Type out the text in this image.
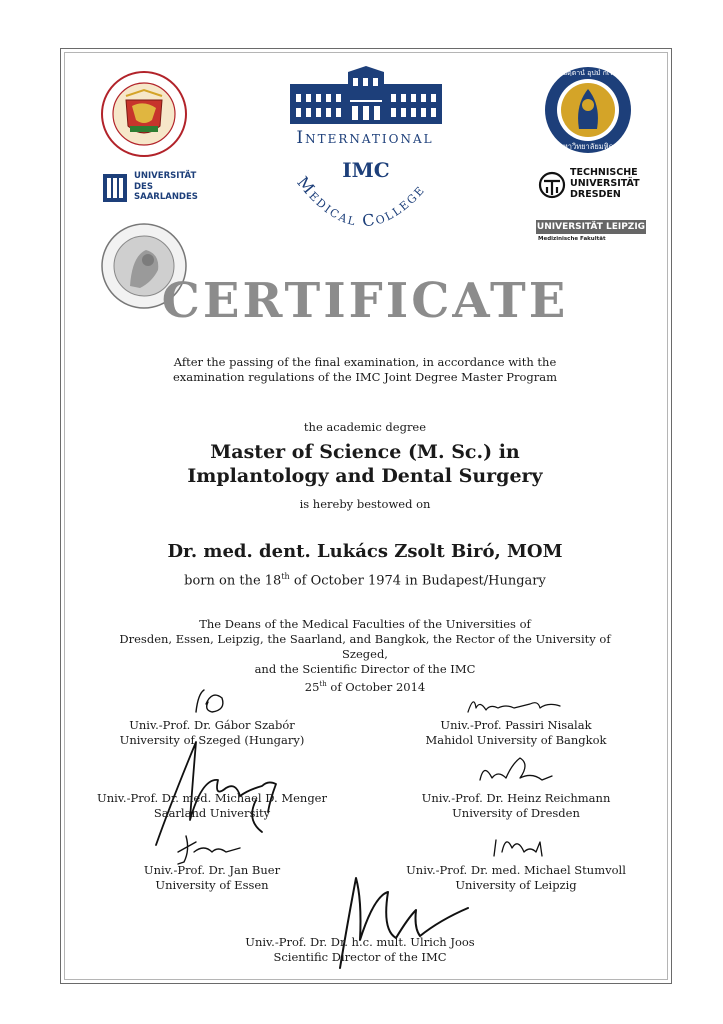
UNIVERSITÄT
DES
SAARLANDES
International
IMC
Medical College
อตฺตานํ อุปมํ กเร
มหาวิทยาลัยมหิดล
TECHNISCHE
UNIVERSITÄT
DRESDEN
UNIVERSITÄT LEIPZIG
Medizinische Fakultät
CERTIFICATE
After the passing of the final examination, in accordance with the
examination regulations of the IMC Joint Degree Master Program
the academic degree
Master of Science (M. Sc.) in
Implantology and Dental Surgery
is hereby bestowed on
Dr. med. dent. Lukács Zsolt Biró, MOM
born on the 18th of October 1974 in Budapest/Hungary
The Deans of the Medical Faculties of the Universities of
Dresden, Essen, Leipzig, the Saarland, and Bangkok, the Rector of the University of Szeged,
and the Scientific Director of the IMC
25th of October 2014
Univ.-Prof. Dr. Gábor Szabór
University of Szeged (Hungary)
Univ.-Prof. Passiri Nisalak
Mahidol University of Bangkok
Univ.-Prof. Dr. med. Michael D. Menger
Saarland University
Univ.-Prof. Dr. Heinz Reichmann
University of Dresden
Univ.-Prof. Dr. Jan Buer
University of Essen
Univ.-Prof. Dr. med. Michael Stumvoll
University of Leipzig
Univ.-Prof. Dr. Dr. h.c. mult. Ulrich Joos
Scientific Director of the IMC
